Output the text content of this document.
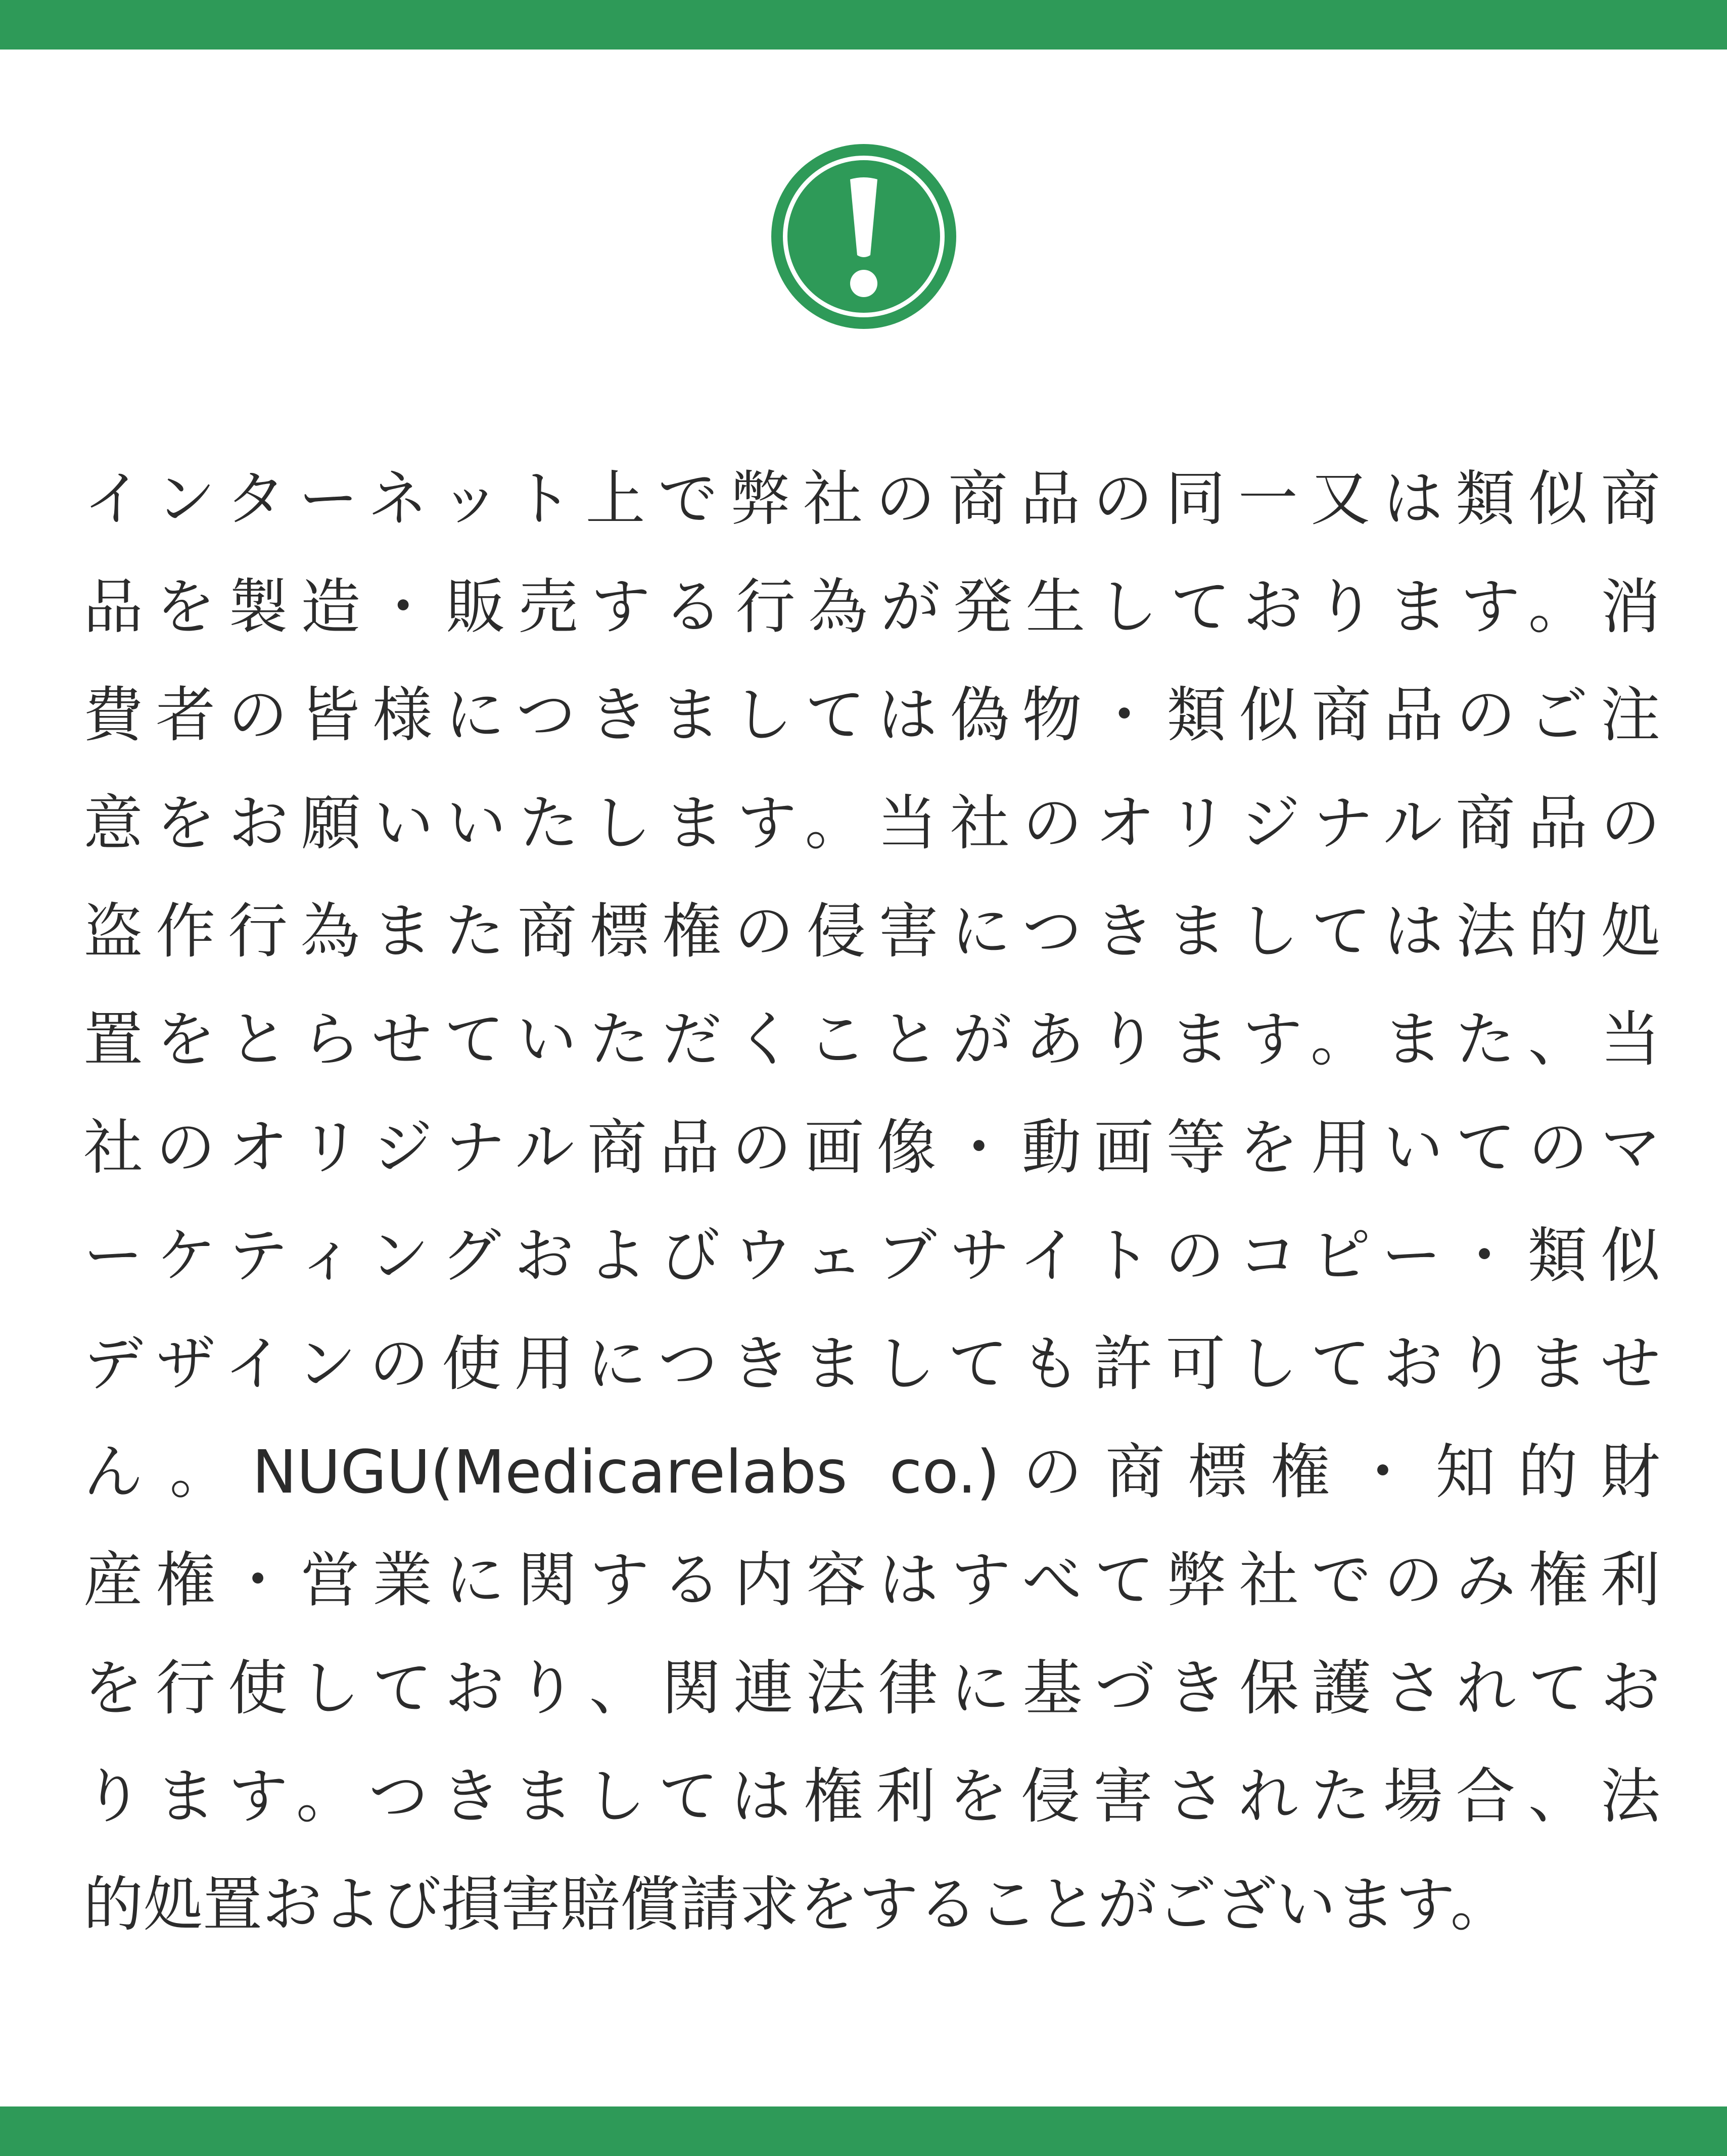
インターネット上で弊社の商品の同一又は類似商
品を製造・販売する行為が発生しております。消
費者の皆様につきましては偽物・類似商品のご注
意をお願いいたします。当社のオリジナル商品の
盗作行為また商標権の侵害につきましては法的処
置をとらせていただくことがあります。また、当
社のオリジナル商品の画像・動画等を用いてのマ
ーケティングおよびウェブサイトのコピー・類似
デザインの使用につきましても許可しておりませ
ん。NUGU(Medicarelabs co.)の商標権・知的財
産権・営業に関する内容はすべて弊社でのみ権利
を行使しており、関連法律に基づき保護されてお
ります。つきましては権利を侵害された場合、法
的処置および損害賠償請求をすることがございます。
